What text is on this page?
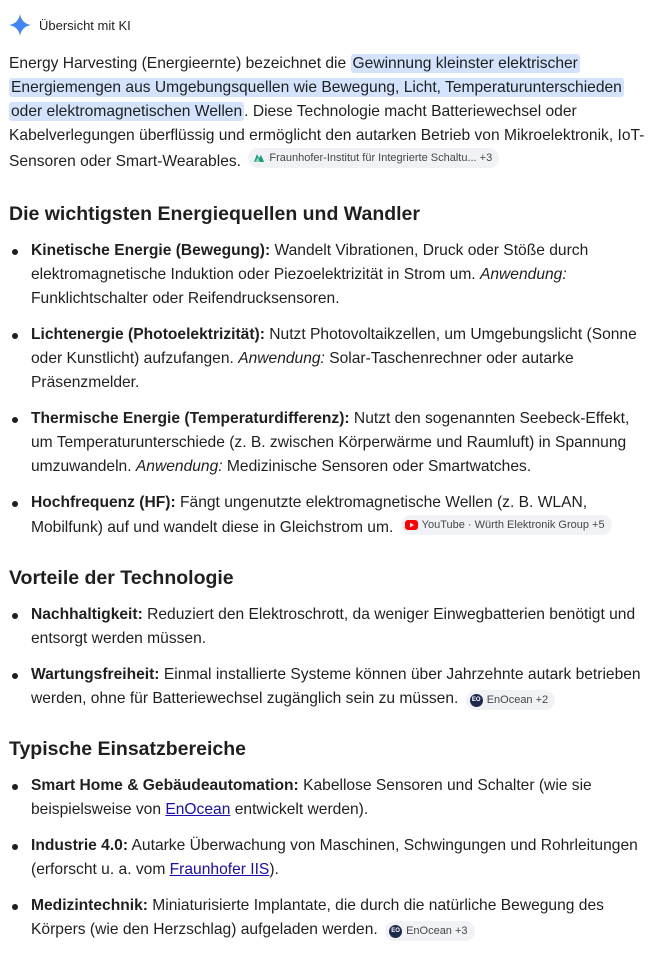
Übersicht mit KI

Energy Harvesting (Energieernte) bezeichnet die Gewinnung kleinster elektrischer Energiemengen aus Umgebungsquellen wie Bewegung, Licht, Temperaturunterschieden oder elektromagnetischen Wellen . Diese Technologie macht Batteriewechsel oder Kabelverlegungen überflüssig und ermöglicht den autarken Betrieb von Mikroelektronik, IoT-Sensoren oder Smart-Wearables.	Fraunhofer-Institut für Integrierte Schaltu... +3

Die wichtigsten Energiequellen und Wandler
Kinetische Energie (Bewegung): Wandelt Vibrationen, Druck oder Stöße durch elektromagnetische Induktion oder Piezoelektrizität in Strom um. Anwendung: Funklichtschalter oder Reifendrucksensoren.
Lichtenergie (Photoelektrizität): Nutzt Photovoltaikzellen, um Umgebungslicht (Sonne oder Kunstlicht) aufzufangen. Anwendung: Solar-Taschenrechner oder autarke Präsenzmelder.
Thermische Energie (Temperaturdifferenz): Nutzt den sogenannten Seebeck-Effekt, um Temperaturunterschiede (z. B. zwischen Körperwärme und Raumluft) in Spannung umzuwandeln. Anwendung: Medizinische Sensoren oder Smartwatches.
Hochfrequenz (HF): Fängt ungenutzte elektromagnetische Wellen (z. B. WLAN, Mobilfunk) auf und wandelt diese in Gleichstrom um.	YouTube · Würth Elektronik Group +5
Vorteile der Technologie
Nachhaltigkeit: Reduziert den Elektroschrott, da weniger Einwegbatterien benötigt und entsorgt werden müssen.
Wartungsfreiheit: Einmal installierte Systeme können über Jahrzehnte autark betrieben werden, ohne für Batteriewechsel zugänglich sein zu müssen.	EO EnOcean +2
Typische Einsatzbereiche
Smart Home & Gebäudeautomation: Kabellose Sensoren und Schalter (wie sie beispielsweise von EnOcean entwickelt werden).
Industrie 4.0: Autarke Überwachung von Maschinen, Schwingungen und Rohrleitungen (erforscht u. a. vom Fraunhofer IIS).
Medizintechnik: Miniaturisierte Implantate, die durch die natürliche Bewegung des Körpers (wie den Herzschlag) aufgeladen werden.	EO EnOcean +3
